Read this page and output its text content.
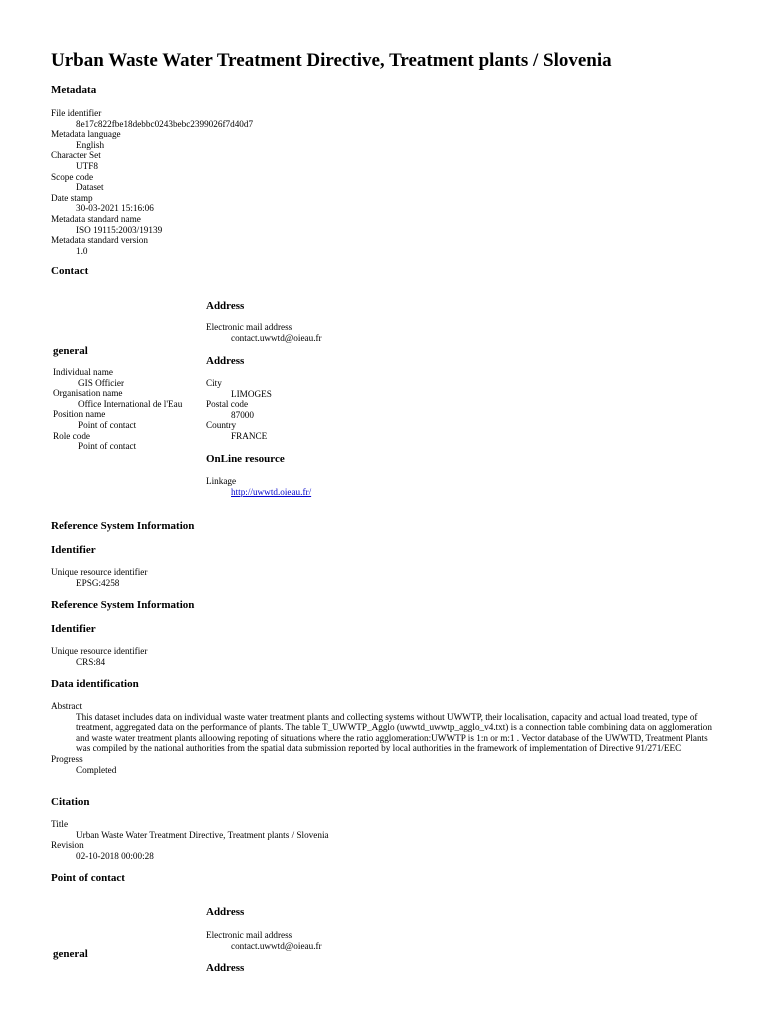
Urban Waste Water Treatment Directive, Treatment plants / Slovenia
Metadata
File identifier
8e17c822fbe18debbc0243bebc2399026f7d40d7
Metadata language
English
Character Set
UTF8
Scope code
Dataset
Date stamp
30-03-2021 15:16:06
Metadata standard name
ISO 19115:2003/19139
Metadata standard version
1.0
Contact
Address
Electronic mail address
contact.uwwtd@oieau.fr
general
Individual name
GIS Officier
Organisation name
Office International de l'Eau
Position name
Point of contact
Role code
Point of contact
Address
City
LIMOGES
Postal code
87000
Country
FRANCE
OnLine resource
Linkage
http://uwwtd.oieau.fr/
Reference System Information
Identifier
Unique resource identifier
EPSG:4258
Reference System Information
Identifier
Unique resource identifier
CRS:84
Data identification
Abstract
This dataset includes data on individual waste water treatment plants and collecting systems without UWWTP, their localisation, capacity and actual load treated, type of treatment, aggregated data on the performance of plants. The table T_UWWTP_Agglo (uwwtd_uwwtp_agglo_v4.txt) is a connection table combining data on agglomeration and waste water treatment plants alloowing repoting of situations where the ratio agglomeration:UWWTP is 1:n or m:1 . Vector database of the UWWTD, Treatment Plants was compiled by the national authorities from the spatial data submission reported by local authorities in the framework of implementation of Directive 91/271/EEC
Progress
Completed
Citation
Title
Urban Waste Water Treatment Directive, Treatment plants / Slovenia
Revision
02-10-2018 00:00:28
Point of contact
Address
Electronic mail address
contact.uwwtd@oieau.fr
general
Address
